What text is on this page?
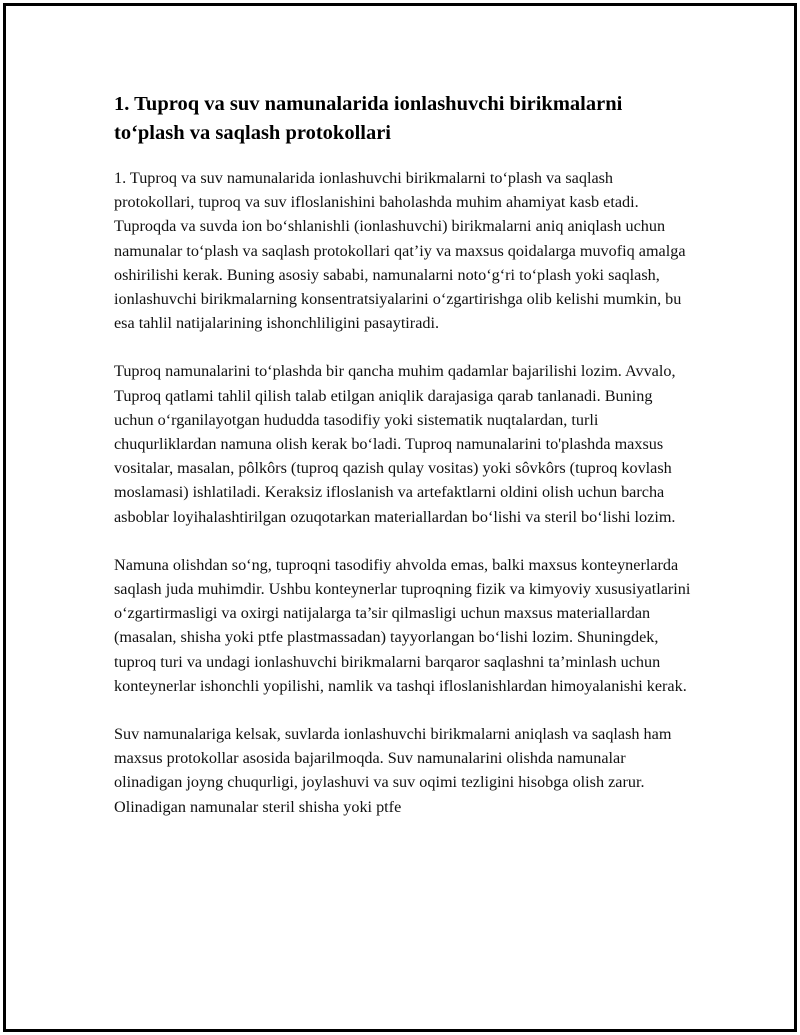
1. Tuproq va suv namunalarida ionlashuvchi birikmalarni to‘plash va saqlash protokollari

1. Tuproq va suv namunalarida ionlashuvchi birikmalarni to‘plash va saqlash protokollari, tuproq va suv ifloslanishini baholashda muhim ahamiyat kasb etadi. Tuproqda va suvda ion bo‘shlanishli (ionlashuvchi) birikmalarni aniq aniqlash uchun namunalar to‘plash va saqlash protokollari qat’iy va maxsus qoidalarga muvofiq amalga oshirilishi kerak. Buning asosiy sababi, namunalarni noto‘g‘ri to‘plash yoki saqlash, ionlashuvchi birikmalarning konsentratsiyalarini o‘zgartirishga olib kelishi mumkin, bu esa tahlil natijalarining ishonchliligini pasaytiradi.

Tuproq namunalarini to‘plashda bir qancha muhim qadamlar bajarilishi lozim. Avvalo, Tuproq qatlami tahlil qilish talab etilgan aniqlik darajasiga qarab tanlanadi. Buning uchun o‘rganilayotgan hududda tasodifiy yoki sistematik nuqtalardan, turli chuqurliklardan namuna olish kerak bo‘ladi. Tuproq namunalarini to'plashda maxsus vositalar, masalan, pôlkôrs (tuproq qazish qulay vositas) yoki sôvkôrs (tuproq kovlash moslamasi) ishlatiladi. Keraksiz ifloslanish va artefaktlarni oldini olish uchun barcha asboblar loyihalashtirilgan ozuqotarkan materiallardan bo‘lishi va steril bo‘lishi lozim.

Namuna olishdan so‘ng, tuproqni tasodifiy ahvolda emas, balki maxsus konteynerlarda saqlash juda muhimdir. Ushbu konteynerlar tuproqning fizik va kimyoviy xususiyatlarini o‘zgartirmasligi va oxirgi natijalarga ta’sir qilmasligi uchun maxsus materiallardan (masalan, shisha yoki ptfe plastmassadan) tayyorlangan bo‘lishi lozim. Shuningdek, tuproq turi va undagi ionlashuvchi birikmalarni barqaror saqlashni ta’minlash uchun konteynerlar ishonchli yopilishi, namlik va tashqi ifloslanishlardan himoyalanishi kerak.

Suv namunalariga kelsak, suvlarda ionlashuvchi birikmalarni aniqlash va saqlash ham maxsus protokollar asosida bajarilmoqda. Suv namunalarini olishda namunalar olinadigan joyng chuqurligi, joylashuvi va suv oqimi tezligini hisobga olish zarur. Olinadigan namunalar steril shisha yoki ptfe
